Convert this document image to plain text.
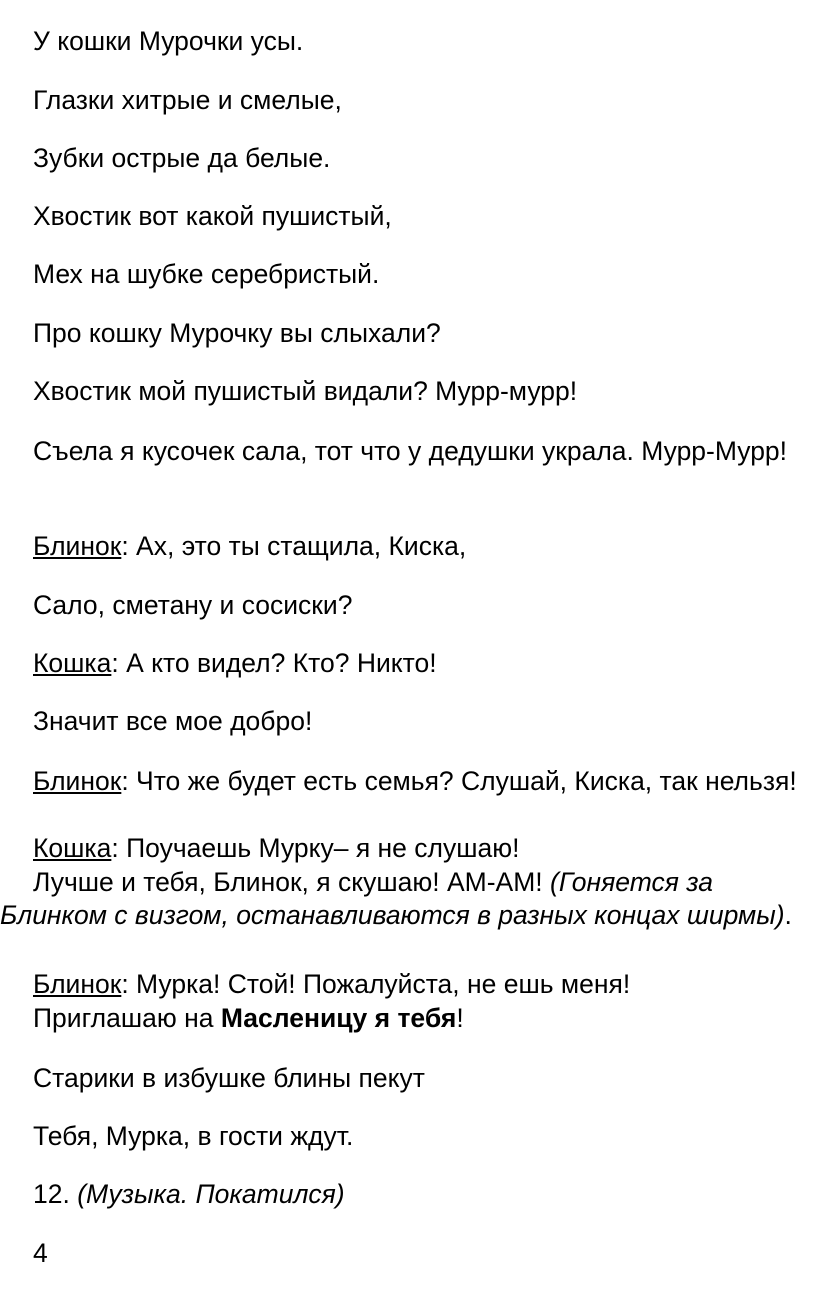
У кошки Мурочки усы.
Глазки хитрые и смелые,
Зубки острые да белые.
Хвостик вот какой пушистый,
Мех на шубке серебристый.
Про кошку Мурочку вы слыхали?
Хвостик мой пушистый видали? Мурр-мурр!
Съела я кусочек сала, тот что у дедушки украла. Мурр-Мурр!
Блинок: Ах, это ты стащила, Киска,
Сало, сметану и сосиски?
Кошка: А кто видел? Кто? Никто!
Значит все мое добро!
Блинок: Что же будет есть семья? Слушай, Киска, так нельзя!
Кошка: Поучаешь Мурку– я не слушаю!
Лучше и тебя, Блинок, я скушаю! АМ-АМ! (Гоняется за Блинком с визгом, останавливаются в разных концах ширмы).
Блинок: Мурка! Стой! Пожалуйста, не ешь меня!
Приглашаю на Масленицу я тебя!
Старики в избушке блины пекут
Тебя, Мурка, в гости ждут.
12. (Музыка. Покатился)
4
